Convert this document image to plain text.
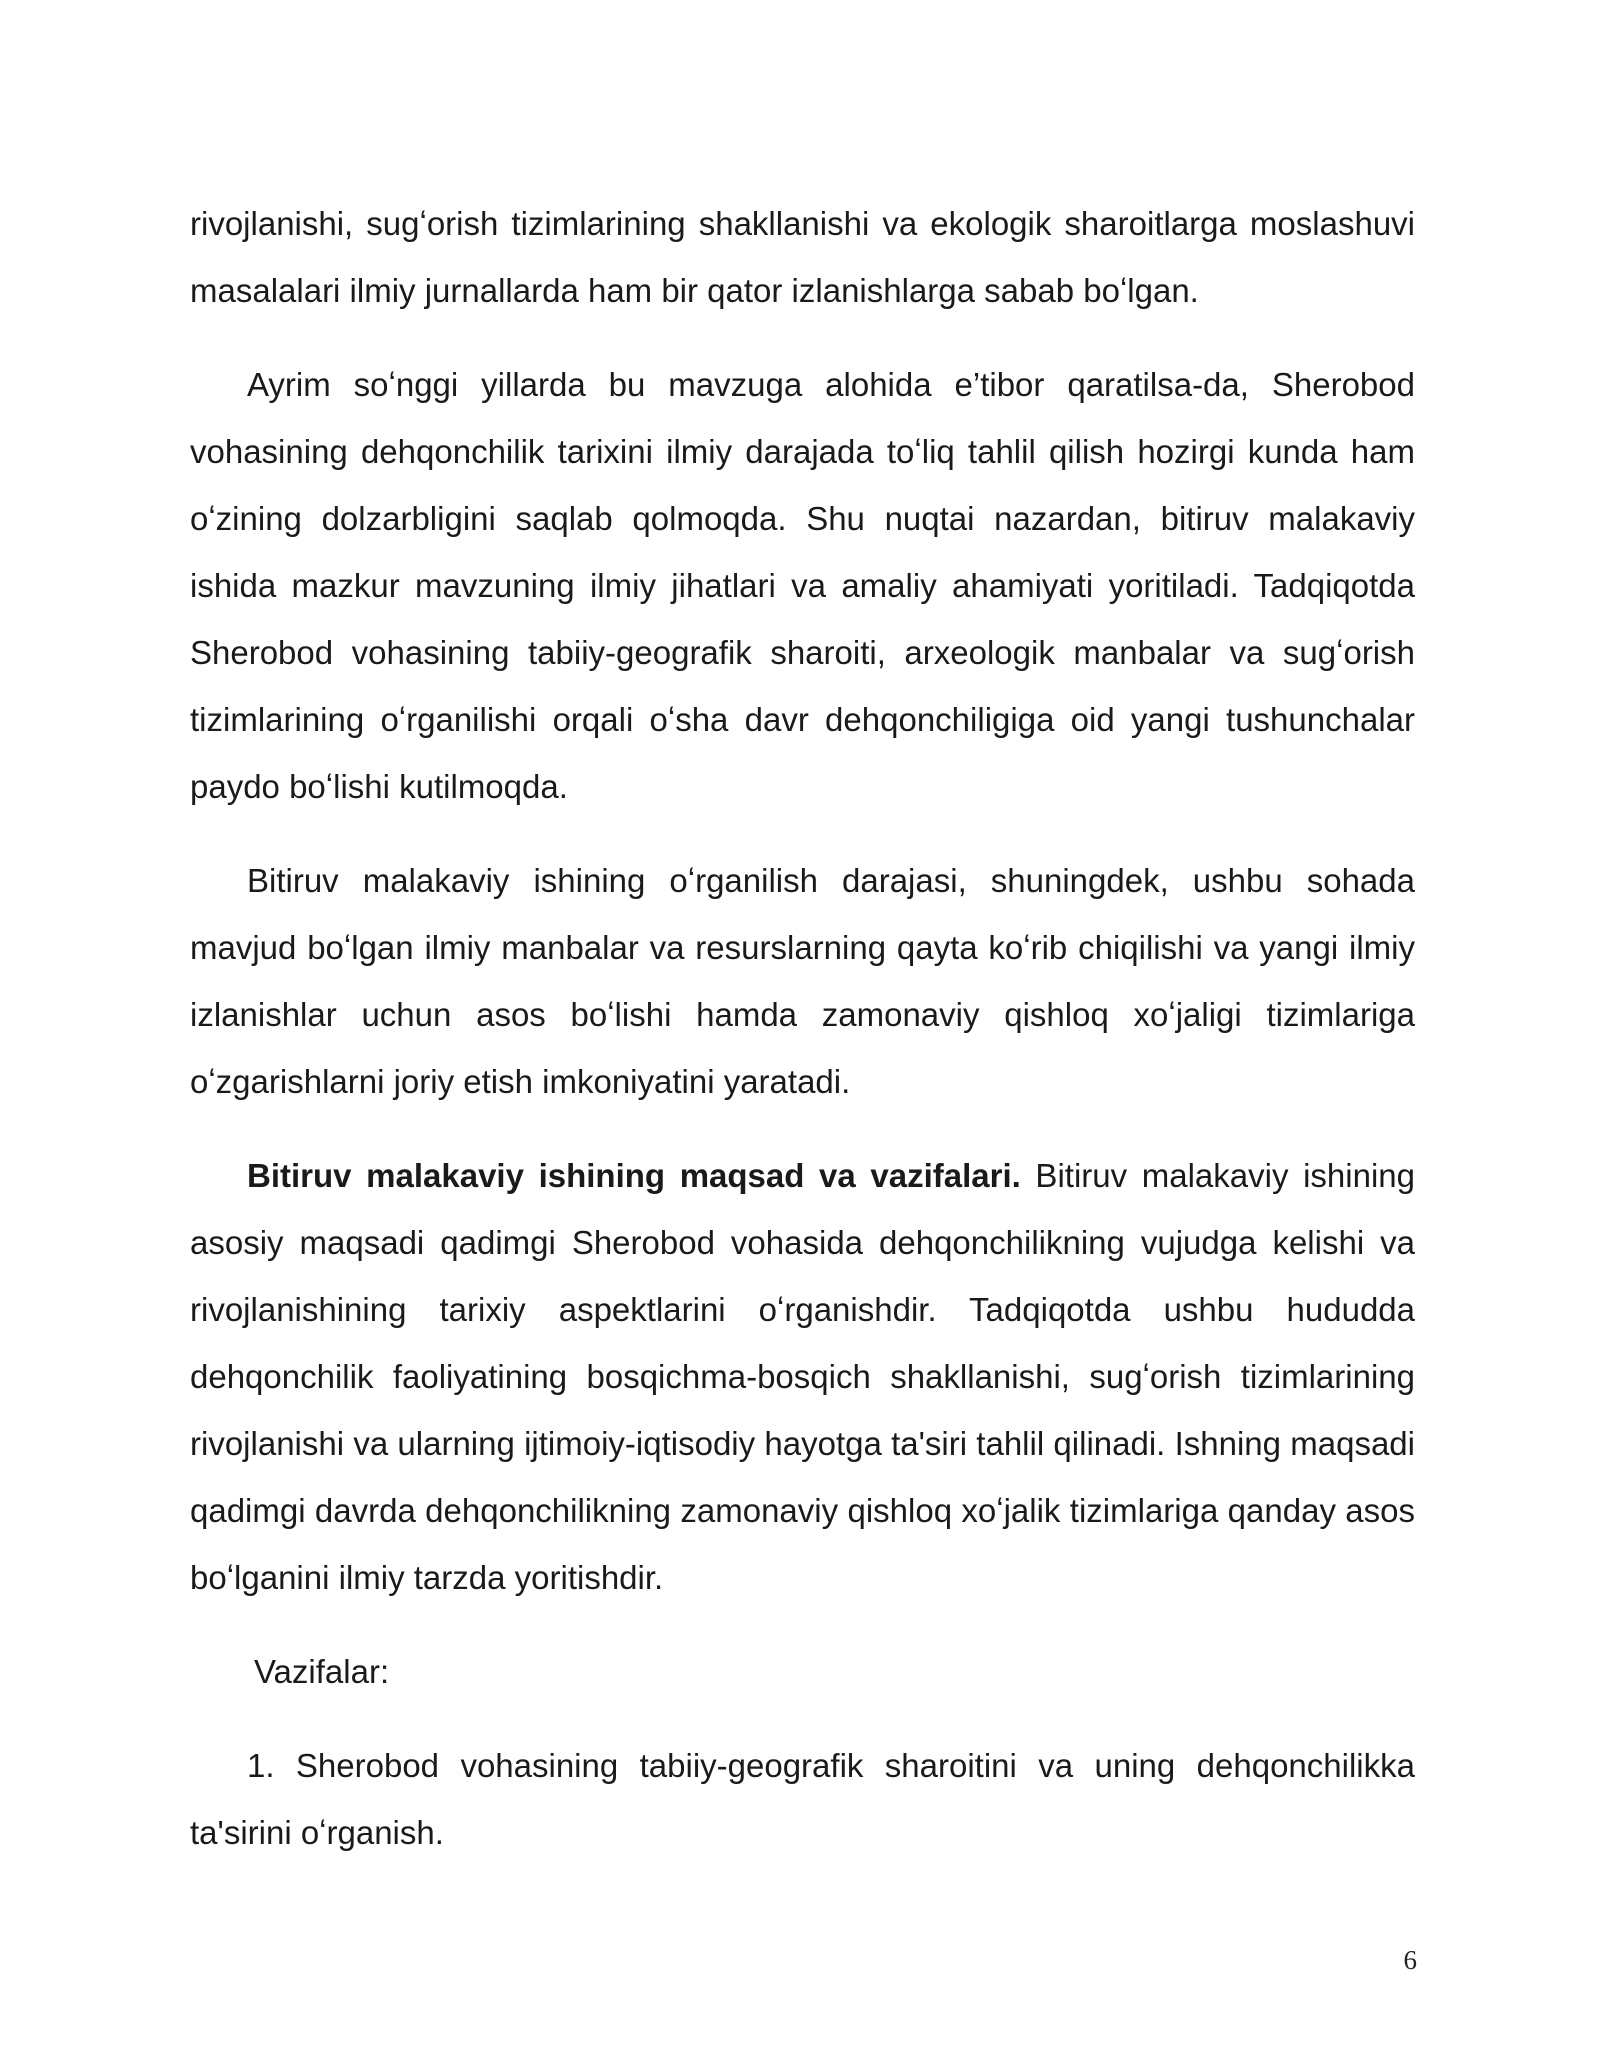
rivojlanishi, sugʻorish tizimlarining shakllanishi va ekologik sharoitlarga moslashuvi masalalari ilmiy jurnallarda ham bir qator izlanishlarga sabab boʻlgan.

Ayrim soʻnggi yillarda bu mavzuga alohida e’tibor qaratilsa-da, Sherobod vohasining dehqonchilik tarixini ilmiy darajada toʻliq tahlil qilish hozirgi kunda ham oʻzining dolzarbligini saqlab qolmoqda. Shu nuqtai nazardan, bitiruv malakaviy ishida mazkur mavzuning ilmiy jihatlari va amaliy ahamiyati yoritiladi. Tadqiqotda Sherobod vohasining tabiiy-geografik sharoiti, arxeologik manbalar va sugʻorish tizimlarining oʻrganilishi orqali oʻsha davr dehqonchiligiga oid yangi tushunchalar paydo boʻlishi kutilmoqda.

Bitiruv malakaviy ishining oʻrganilish darajasi, shuningdek, ushbu sohada mavjud boʻlgan ilmiy manbalar va resurslarning qayta koʻrib chiqilishi va yangi ilmiy izlanishlar uchun asos boʻlishi hamda zamonaviy qishloq xoʻjaligi tizimlariga oʻzgarishlarni joriy etish imkoniyatini yaratadi.

Bitiruv malakaviy ishining maqsad va vazifalari. Bitiruv malakaviy ishining asosiy maqsadi qadimgi Sherobod vohasida dehqonchilikning vujudga kelishi va rivojlanishining tarixiy aspektlarini oʻrganishdir. Tadqiqotda ushbu hududda dehqonchilik faoliyatining bosqichma-bosqich shakllanishi, sugʻorish tizimlarining rivojlanishi va ularning ijtimoiy-iqtisodiy hayotga ta'siri tahlil qilinadi. Ishning maqsadi qadimgi davrda dehqonchilikning zamonaviy qishloq xoʻjalik tizimlariga qanday asos boʻlganini ilmiy tarzda yoritishdir.

Vazifalar:

1. Sherobod vohasining tabiiy-geografik sharoitini va uning dehqonchilikka ta'sirini oʻrganish.

6
